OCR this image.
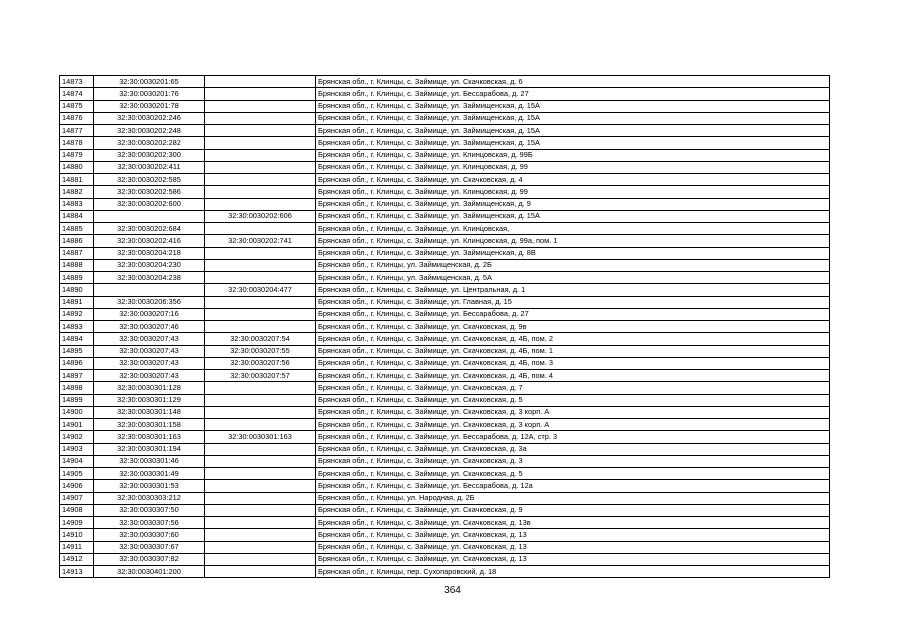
14873	32:30:0030201:65		Брянская обл., г. Клинцы, с. Займище, ул. Скачковская, д. 6
14874	32:30:0030201:76		Брянская обл., г. Клинцы, с. Займище, ул. Бессарабова, д. 27
14875	32:30:0030201:78		Брянская обл., г. Клинцы, с. Займище, ул. Займищенская, д. 15А
14876	32:30:0030202:246		Брянская обл., г. Клинцы, с. Займище, ул. Займищенская, д. 15А
14877	32:30:0030202:248		Брянская обл., г. Клинцы, с. Займище, ул. Займищенская, д. 15А
14878	32:30:0030202:282		Брянская обл., г. Клинцы, с. Займище, ул. Займищенская, д. 15А
14879	32:30:0030202:300		Брянская обл., г. Клинцы, с. Займище, ул. Клинцовская, д. 99Б
14880	32:30:0030202:411		Брянская обл., г. Клинцы, с. Займище, ул. Клинцовская, д. 99
14881	32:30:0030202:585		Брянская обл., г. Клинцы, с. Займище, ул. Скачковская, д. 4
14882	32:30:0030202:586		Брянская обл., г. Клинцы, с. Займище, ул. Клинцовская, д. 99
14883	32:30:0030202:600		Брянская обл., г. Клинцы, с. Займище, ул. Займищенская, д. 9
14884		32:30:0030202:606	Брянская обл., г. Клинцы, с. Займище, ул. Займищенская, д. 15А
14885	32:30:0030202:684		Брянская обл., г. Клинцы, с. Займище, ул. Клинцовская,
14886	32:30:0030202:416	32:30:0030202:741	Брянская обл., г. Клинцы, с. Займище, ул. Клинцовская, д. 99а, пом. 1
14887	32:30:0030204:218		Брянская обл., г. Клинцы, с. Займище, ул. Займищенская, д. 8В
14888	32:30:0030204:230		Брянская обл., г. Клинцы, ул. Займищенская, д. 2Б
14889	32:30:0030204:238		Брянская обл., г. Клинцы, ул. Займищенская, д. 5А
14890		32:30:0030204:477	Брянская обл., г. Клинцы, с. Займище, ул. Центральная, д. 1
14891	32:30:0030206:356		Брянская обл., г. Клинцы, с. Займище, ул. Главная, д. 15
14892	32:30:0030207:16		Брянская обл., г. Клинцы, с. Займище, ул. Бессарабова, д. 27
14893	32:30:0030207:46		Брянская обл., г. Клинцы, с. Займище, ул. Скачковская, д. 9в
14894	32:30:0030207:43	32:30:0030207:54	Брянская обл., г. Клинцы, с. Займище, ул. Скачковская, д. 4Б, пом. 2
14895	32:30:0030207:43	32:30:0030207:55	Брянская обл., г. Клинцы, с. Займище, ул. Скачковская, д. 4Б, пом. 1
14896	32:30:0030207:43	32:30:0030207:56	Брянская обл., г. Клинцы, с. Займище, ул. Скачковская, д. 4Б, пом. 3
14897	32:30:0030207:43	32:30:0030207:57	Брянская обл., г. Клинцы, с. Займище, ул. Скачковская, д. 4Б, пом. 4
14898	32:30:0030301:128		Брянская обл., г. Клинцы, с. Займище, ул. Скачковская, д. 7
14899	32:30:0030301:129		Брянская обл., г. Клинцы, с. Займище, ул. Скачковская, д. 5
14900	32:30:0030301:148		Брянская обл., г. Клинцы, с. Займище, ул. Скачковская, д. 3 корп. А
14901	32:30:0030301:158		Брянская обл., г. Клинцы, с. Займище, ул. Скачковская, д. 3 корп. А
14902	32:30:0030301:163	32:30:0030301:163	Брянская обл., г. Клинцы, с. Займище, ул. Бессарабова, д. 12А, стр. 3
14903	32:30:0030301:194		Брянская обл., г. Клинцы, с. Займище, ул. Скачковская, д. 3а
14904	32:30:0030301:46		Брянская обл., г. Клинцы, с. Займище, ул. Скачковская, д. 3
14905	32:30:0030301:49		Брянская обл., г. Клинцы, с. Займище, ул. Скачковская, д. 5
14906	32:30:0030301:53		Брянская обл., г. Клинцы, с. Займище, ул. Бессарабова, д. 12а
14907	32:30:0030303:212		Брянская обл., г. Клинцы, ул. Народная, д. 2Б
14908	32:30:0030307:50		Брянская обл., г. Клинцы, с. Займище, ул. Скачковская, д. 9
14909	32:30:0030307:56		Брянская обл., г. Клинцы, с. Займище, ул. Скачковская, д. 13в
14910	32:30:0030307:60		Брянская обл., г. Клинцы, с. Займище, ул. Скачковская, д. 13
14911	32:30:0030307:67		Брянская обл., г. Клинцы, с. Займище, ул. Скачковская, д. 13
14912	32:30:0030307:82		Брянская обл., г. Клинцы, с. Займище, ул. Скачковская, д. 13
14913	32:30:0030401:200		Брянская обл., г. Клинцы, пер. Сухопаровский, д. 18
364
